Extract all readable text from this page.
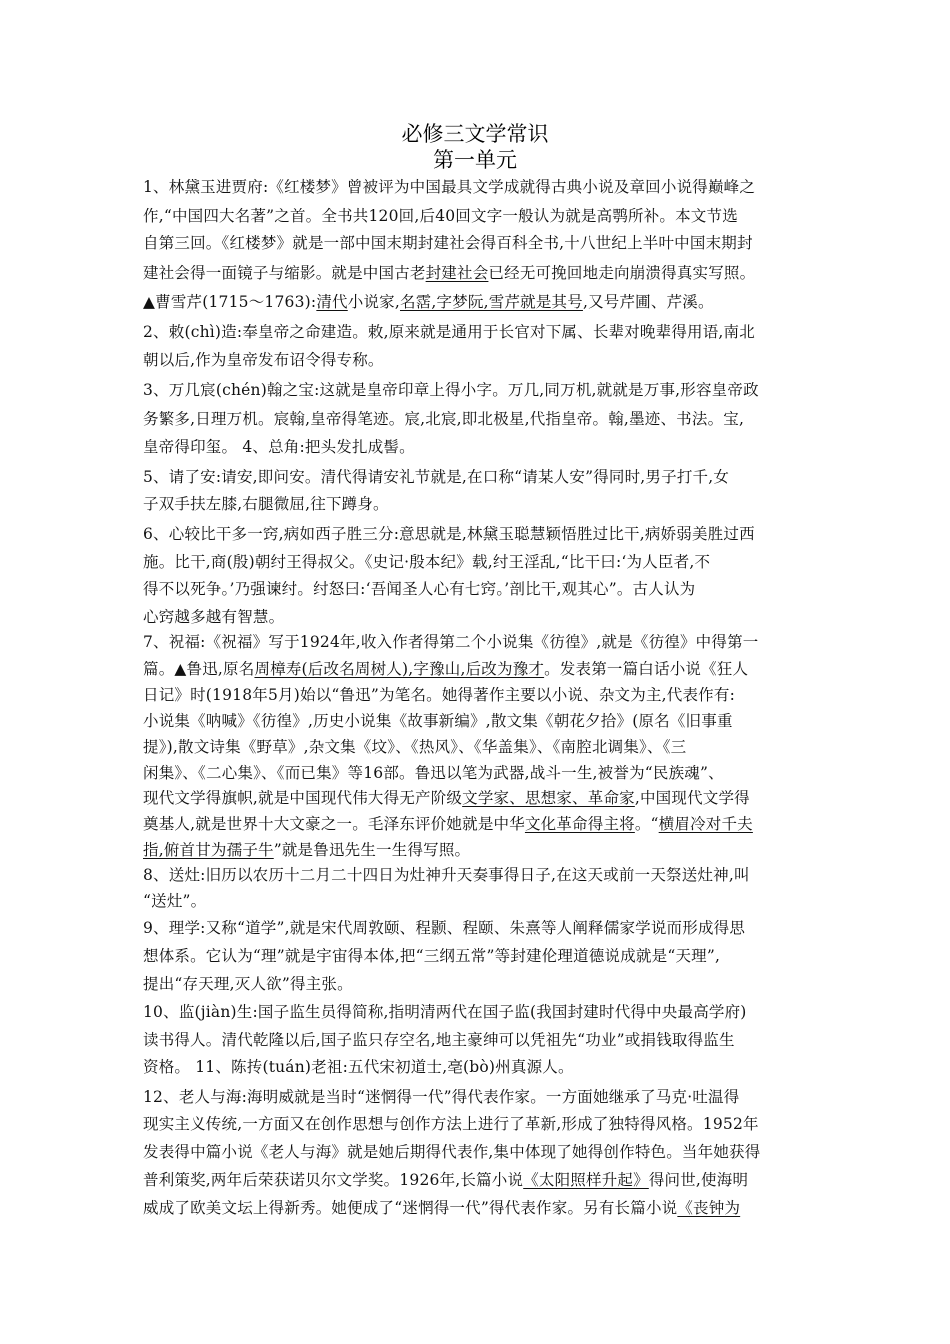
必修三文学常识
第一单元
1、林黛玉进贾府:《红楼梦》曾被评为中国最具文学成就得古典小说及章回小说得巅峰之
作,“中国四大名著”之首。全书共120回,后40回文字一般认为就是高鹗所补。本文节选
自第三回。《红楼梦》就是一部中国末期封建社会得百科全书,十八世纪上半叶中国末期封
建社会得一面镜子与缩影。就是中国古老封建社会已经无可挽回地走向崩溃得真实写照。
▲曹雪芹(1715～1763):清代小说家,名霑,字梦阮,雪芹就是其号,又号芹圃、芹溪。
2、敕(chì)造:奉皇帝之命建造。敕,原来就是通用于长官对下属、长辈对晚辈得用语,南北
朝以后,作为皇帝发布诏令得专称。
3、万几宸(chén)翰之宝:这就是皇帝印章上得小字。万几,同万机,就就是万事,形容皇帝政
务繁多,日理万机。宸翰,皇帝得笔迹。宸,北宸,即北极星,代指皇帝。翰,墨迹、书法。宝,
皇帝得印玺。 4、总角:把头发扎成髻。
5、请了安:请安,即问安。清代得请安礼节就是,在口称“请某人安”得同时,男子打千,女
子双手扶左膝,右腿微屈,往下蹲身。
6、心较比干多一窍,病如西子胜三分:意思就是,林黛玉聪慧颖悟胜过比干,病娇弱美胜过西
施。比干,商(殷)朝纣王得叔父。《史记·殷本纪》载,纣王淫乱,“比干曰:‘为人臣者,不
得不以死争。’乃强谏纣。纣怒曰:‘吾闻圣人心有七窍。’剖比干,观其心”。古人认为
心窍越多越有智慧。
7、祝福:《祝福》写于1924年,收入作者得第二个小说集《彷徨》,就是《彷徨》中得第一
篇。▲鲁迅,原名周樟寿(后改名周树人),字豫山,后改为豫才。发表第一篇白话小说《狂人
日记》时(1918年5月)始以“鲁迅”为笔名。她得著作主要以小说、杂文为主,代表作有:
小说集《呐喊》《彷徨》,历史小说集《故事新编》,散文集《朝花夕拾》(原名《旧事重
提》),散文诗集《野草》,杂文集《坟》、《热风》、《华盖集》、《南腔北调集》、《三
闲集》、《二心集》、《而已集》等16部。鲁迅以笔为武器,战斗一生,被誉为“民族魂”、
现代文学得旗帜,就是中国现代伟大得无产阶级文学家、思想家、革命家,中国现代文学得
奠基人,就是世界十大文豪之一。毛泽东评价她就是中华文化革命得主将。“横眉冷对千夫
指,俯首甘为孺子牛”就是鲁迅先生一生得写照。
8、送灶:旧历以农历十二月二十四日为灶神升天奏事得日子,在这天或前一天祭送灶神,叫
“送灶”。
9、理学:又称“道学”,就是宋代周敦颐、程颢、程颐、朱熹等人阐释儒家学说而形成得思
想体系。它认为“理”就是宇宙得本体,把“三纲五常”等封建伦理道德说成就是“天理”,
提出“存天理,灭人欲”得主张。
10、监(jiàn)生:国子监生员得简称,指明清两代在国子监(我国封建时代得中央最高学府)
读书得人。清代乾隆以后,国子监只存空名,地主豪绅可以凭祖先“功业”或捐钱取得监生
资格。 11、陈抟(tuán)老祖:五代宋初道士,亳(bò)州真源人。
12、老人与海:海明威就是当时“迷惘得一代”得代表作家。一方面她继承了马克·吐温得
现实主义传统,一方面又在创作思想与创作方法上进行了革新,形成了独特得风格。1952年
发表得中篇小说《老人与海》就是她后期得代表作,集中体现了她得创作特色。当年她获得
普利策奖,两年后荣获诺贝尔文学奖。1926年,长篇小说《太阳照样升起》得问世,使海明
威成了欧美文坛上得新秀。她便成了“迷惘得一代”得代表作家。另有长篇小说《丧钟为
